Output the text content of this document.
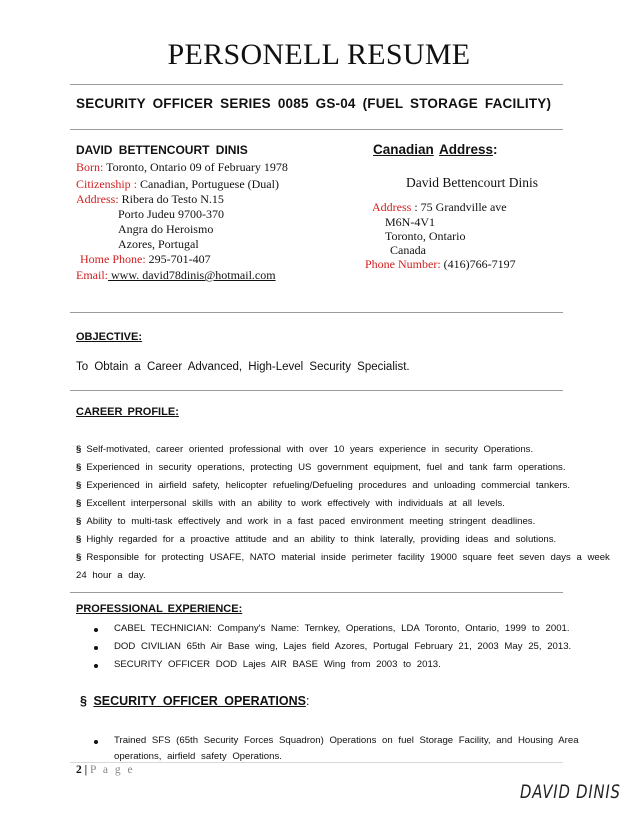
PERSONELL RESUME
SECURITY OFFICER SERIES 0085 GS-04 (FUEL STORAGE FACILITY)
DAVID BETTENCOURT DINIS
Born: Toronto, Ontario 09 of February 1978
Citizenship : Canadian, Portuguese (Dual)
Address: Ribera do Testo N.15
Porto Judeu 9700-370
Angra do Heroismo
Azores, Portugal
Home Phone: 295-701-407
Email: www. david78dinis@hotmail.com
Canadian Address:
David Bettencourt Dinis
Address : 75 Grandville ave
M6N-4V1
Toronto, Ontario
Canada
Phone Number: (416)766-7197
OBJECTIVE:
To Obtain a Career Advanced, High-Level Security Specialist.
CAREER PROFILE:
§ Self-motivated, career oriented professional with over 10 years experience in security Operations.
§ Experienced in security operations, protecting US government equipment, fuel and tank farm operations.
§ Experienced in airfield safety, helicopter refueling/Defueling procedures and unloading commercial tankers.
§ Excellent interpersonal skills with an ability to work effectively with individuals at all levels.
§ Ability to multi-task effectively and work in a fast paced environment meeting stringent deadlines.
§ Highly regarded for a proactive attitude and an ability to think laterally, providing ideas and solutions.
§ Responsible for protecting USAFE, NATO material inside perimeter facility 19000 square feet seven days a week
24 hour a day.
PROFESSIONAL EXPERIENCE:
CABEL TECHNICIAN: Company's Name: Ternkey, Operations, LDA Toronto, Ontario, 1999 to 2001.
DOD CIVILIAN 65th Air Base wing, Lajes field Azores, Portugal February 21, 2003 May 25, 2013.
SECURITY OFFICER DOD Lajes AIR BASE Wing from 2003 to 2013.
§ SECURITY OFFICER OPERATIONS:
Trained SFS (65th Security Forces Squadron) Operations on fuel Storage Facility, and Housing Area
operations, airfield safety Operations.
2 | P a g e
DAVID DINIS
